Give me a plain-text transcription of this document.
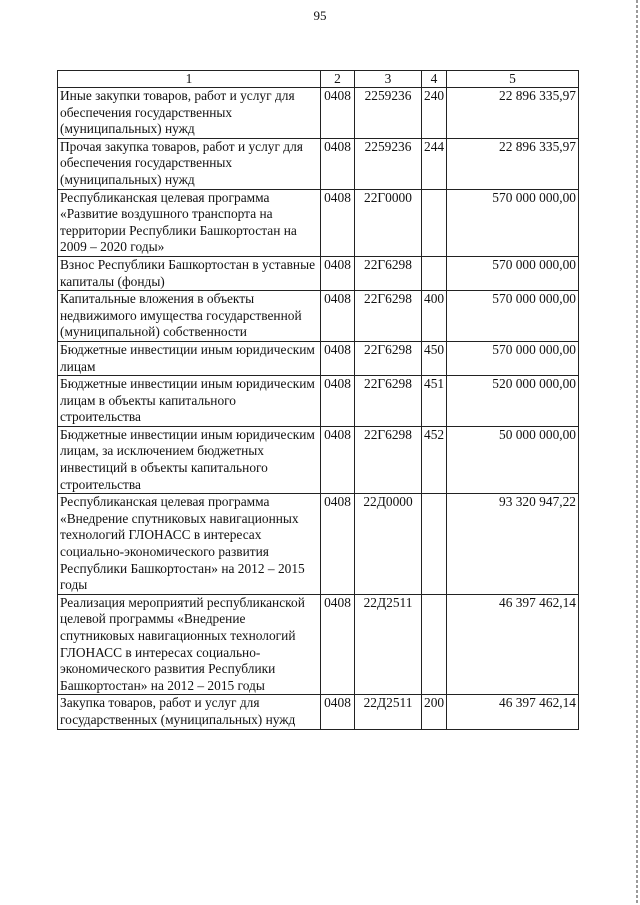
95
1	2	3	4	5
Иные закупки товаров, работ и услуг для обеспечения государственных (муниципальных) нужд	0408	2259236	240	22 896 335,97
Прочая закупка товаров, работ и услуг для обеспечения государственных (муниципальных) нужд	0408	2259236	244	22 896 335,97
Республиканская целевая программа «Развитие воздушного транспорта на территории Республики Башкортостан на 2009 – 2020 годы»	0408	22Г0000		570 000 000,00
Взнос Республики Башкортостан в уставные капиталы (фонды)	0408	22Г6298		570 000 000,00
Капитальные вложения в объекты недвижимого имущества государственной (муниципальной) собственности	0408	22Г6298	400	570 000 000,00
Бюджетные инвестиции иным юридическим лицам	0408	22Г6298	450	570 000 000,00
Бюджетные инвестиции иным юридическим лицам в объекты капитального строительства	0408	22Г6298	451	520 000 000,00
Бюджетные инвестиции иным юридическим лицам, за исключением бюджетных инвестиций в объекты капитального строительства	0408	22Г6298	452	50 000 000,00
Республиканская целевая программа «Внедрение спутниковых навигационных технологий ГЛОНАСС в интересах социально-экономического развития Республики Башкортостан» на 2012 – 2015 годы	0408	22Д0000		93 320 947,22
Реализация мероприятий республиканской целевой программы «Внедрение спутниковых навигационных технологий ГЛОНАСС в интересах социально-экономического развития Республики Башкортостан» на 2012 – 2015 годы	0408	22Д2511		46 397 462,14
Закупка товаров, работ и услуг для государственных (муниципальных) нужд	0408	22Д2511	200	46 397 462,14
